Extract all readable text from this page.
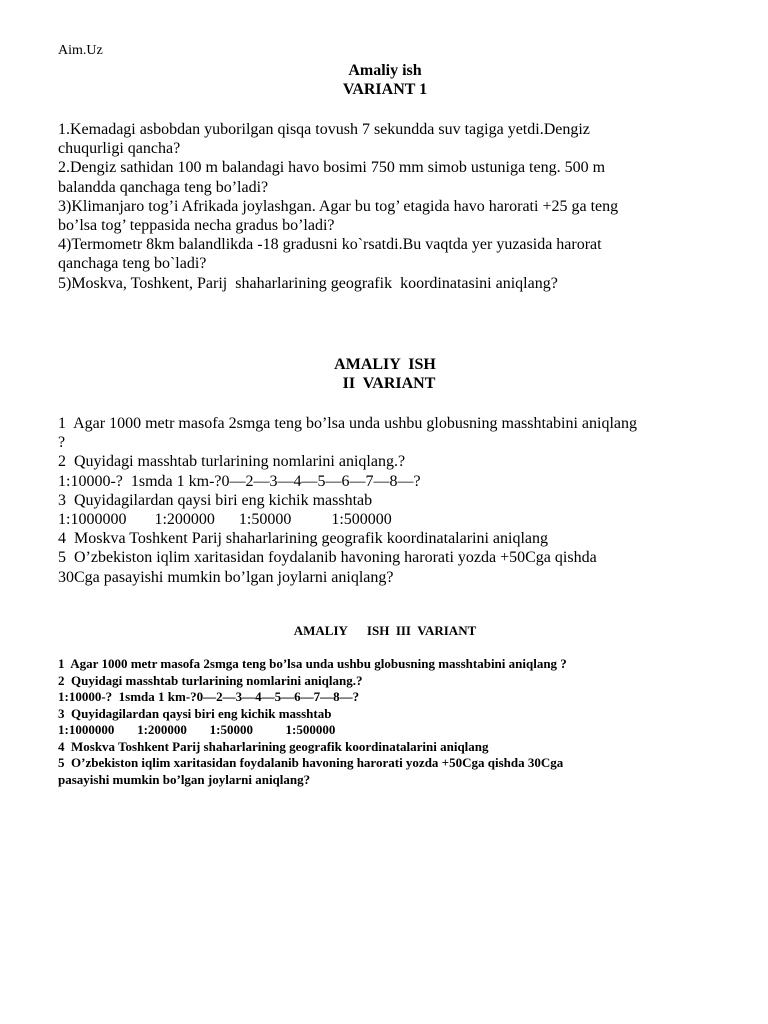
Aim.Uz
Amaliy ish
VARIANT 1
1.Kemadagi asbobdan yuborilgan qisqa tovush 7 sekundda suv tagiga yetdi.Dengiz
chuqurligi qancha?
2.Dengiz sathidan 100 m balandagi havo bosimi 750 mm simob ustuniga teng. 500 m
balandda qanchaga teng bo’ladi?
3)Klimanjaro tog’i Afrikada joylashgan. Agar bu tog’ etagida havo harorati +25 ga teng
bo’lsa tog’ teppasida necha gradus bo’ladi?
4)Termometr 8km balandlikda -18 gradusni ko`rsatdi.Bu vaqtda yer yuzasida harorat
qanchaga teng bo`ladi?
5)Moskva, Toshkent, Parij  shaharlarining geografik  koordinatasini aniqlang?
AMALIY  ISH
II  VARIANT
1  Agar 1000 metr masofa 2smga teng bo’lsa unda ushbu globusning masshtabini aniqlang
?
2  Quyidagi masshtab turlarining nomlarini aniqlang.?
1:10000-?  1smda 1 km-?0—2—3—4—5—6—7—8—?
3  Quyidagilardan qaysi biri eng kichik masshtab
1:1000000       1:200000      1:50000          1:500000
4  Moskva Toshkent Parij shaharlarining geografik koordinatalarini aniqlang
5  O’zbekiston iqlim xaritasidan foydalanib havoning harorati yozda +50Cga qishda
30Cga pasayishi mumkin bo’lgan joylarni aniqlang?
AMALIY      ISH  III  VARIANT
1  Agar 1000 metr masofa 2smga teng bo’lsa unda ushbu globusning masshtabini aniqlang ?
2  Quyidagi masshtab turlarining nomlarini aniqlang.?
1:10000-?  1smda 1 km-?0—2—3—4—5—6—7—8—?
3  Quyidagilardan qaysi biri eng kichik masshtab
1:1000000       1:200000       1:50000          1:500000
4  Moskva Toshkent Parij shaharlarining geografik koordinatalarini aniqlang
5  O’zbekiston iqlim xaritasidan foydalanib havoning harorati yozda +50Cga qishda 30Cga
pasayishi mumkin bo’lgan joylarni aniqlang?
